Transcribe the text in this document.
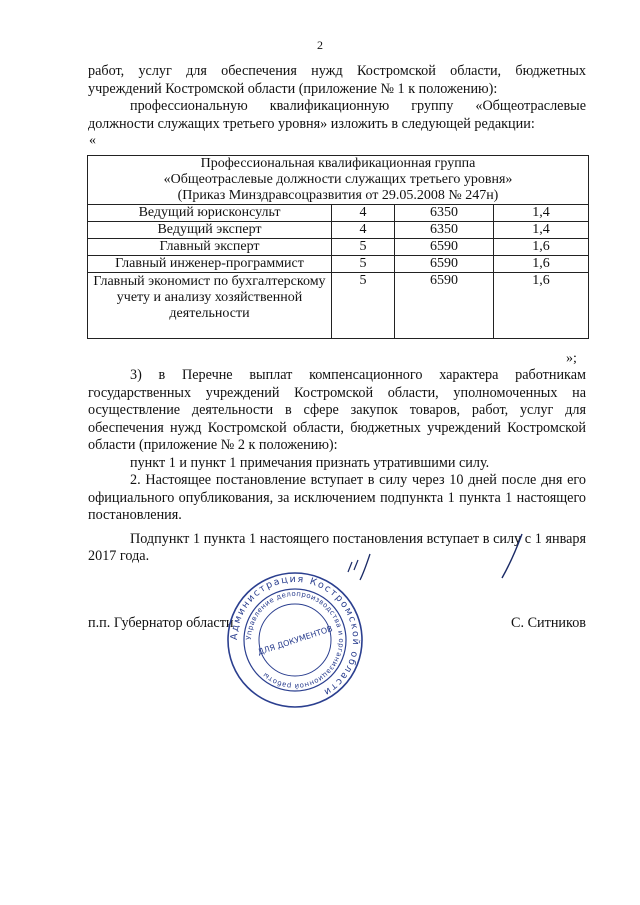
2

работ, услуг для обеспечения нужд Костромской области, бюджетных учреждений Костромской области (приложение № 1 к положению):

профессиональную квалификационную группу «Общеотраслевые должности служащих третьего уровня» изложить в следующей редакции:

«
Профессиональная квалификационная группа
«Общеотраслевые должности служащих третьего уровня»
(Приказ Минздравсоцразвития от 29.05.2008 № 247н)			

Ведущий юрисконсульт	4	6350	1,4
Ведущий эксперт	4	6350	1,4
Главный эксперт	5	6590	1,6
Главный инженер-программист	5	6590	1,6
Главный экономист по бухгалтерскому учету и анализу хозяйственной деятельности	5	6590	1,6
»;

3) в Перечне выплат компенсационного характера работникам государственных учреждений Костромской области, уполномоченных на осуществление деятельности в сфере закупок товаров, работ, услуг для обеспечения нужд Костромской области, бюджетных учреждений Костромской области (приложение № 2 к положению):

пункт 1 и пункт 1 примечания признать утратившими силу.

2. Настоящее постановление вступает в силу через 10 дней после дня его официального опубликования, за исключением подпункта 1 пункта 1 настоящего постановления.

Подпункт 1 пункта 1 настоящего постановления вступает в силу с 1 января 2017 года.

п.п. Губернатор области	С. Ситников
Администрация Костромской области
Управление делопроизводства и организационной работы
ДЛЯ ДОКУМЕНТОВ
